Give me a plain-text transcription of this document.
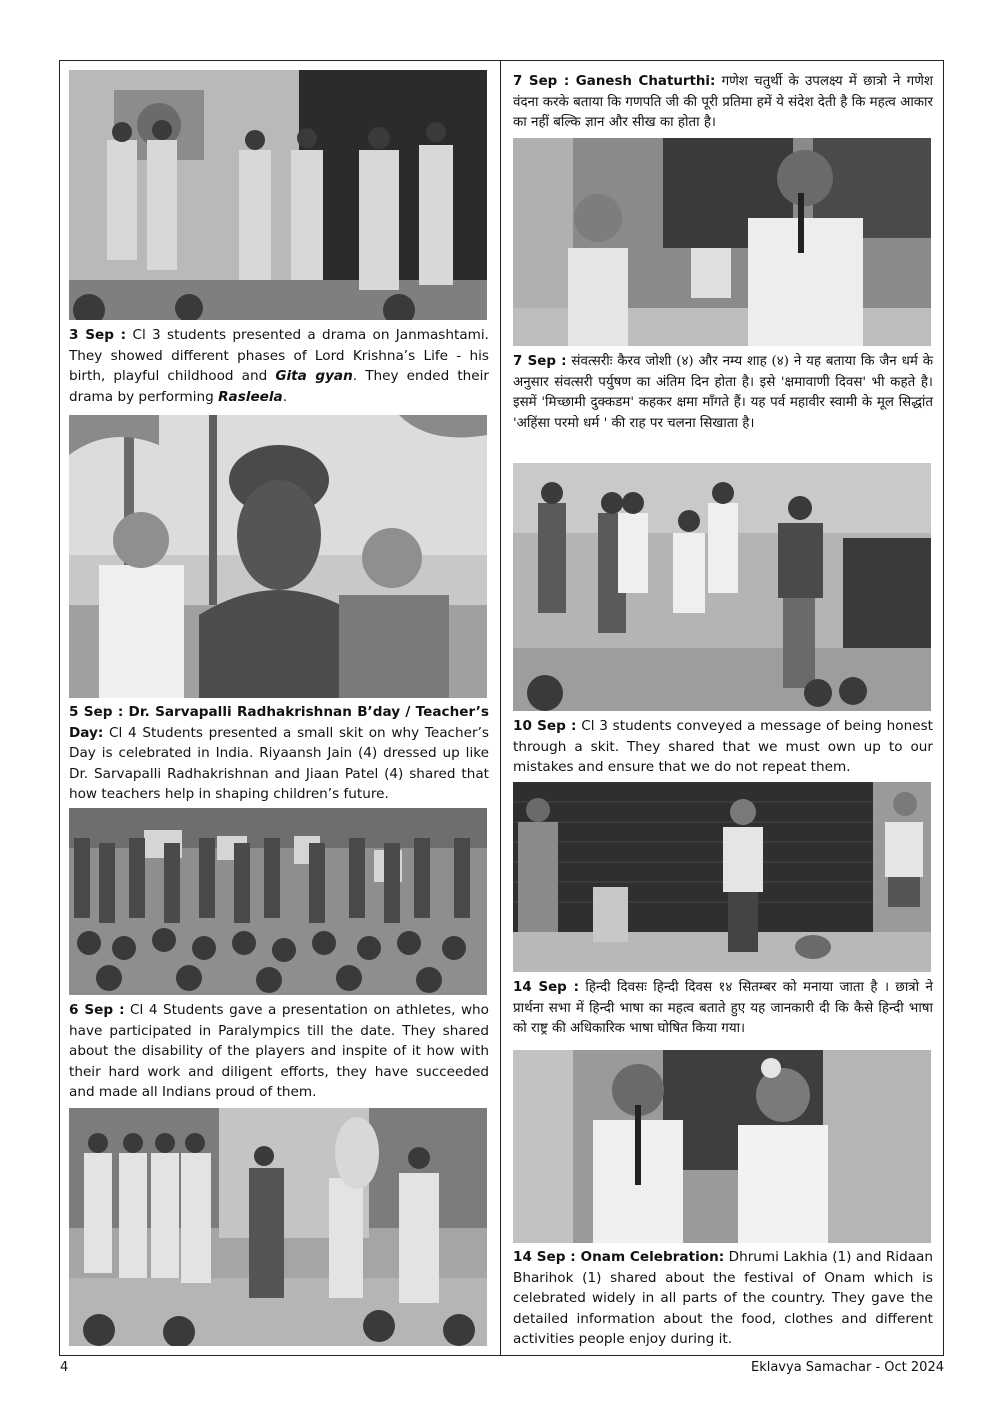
3 Sep : Cl 3 students presented a drama on Janmashtami. They showed different phases of Lord Krishna’s Life - his birth, playful childhood and Gita gyan. They ended their drama by performing Rasleela.
5 Sep : Dr. Sarvapalli Radhakrishnan B’day / Teacher’s Day: Cl 4 Students presented a small skit on why Teacher’s Day is celebrated in India. Riyaansh Jain (4) dressed up like Dr. Sarvapalli Radhakrishnan and Jiaan Patel (4) shared that how teachers help in shaping children’s future.
6 Sep : Cl 4 Students gave a presentation on athletes, who have participated in Paralympics till the date. They shared about the disability of the players and inspite of it how with their hard work and diligent efforts, they have succeeded and made all Indians proud of them.
7 Sep : Ganesh Chaturthi: गणेश चतुर्थी के उपलक्ष्य में छात्रो ने गणेश वंदना करके बताया कि गणपति जी की पूरी प्रतिमा हमें ये संदेश देती है कि महत्व आकार का नहीं बल्कि ज्ञान और सीख का होता है।
7 Sep : संवत्सरीः कैरव जोशी (४) और नम्य शाह (४) ने यह बताया कि जैन धर्म के अनुसार संवत्सरी पर्युषण का अंतिम दिन होता है। इसे 'क्षमावाणी दिवस' भी कहते है। इसमें 'मिच्छामी दुक्कडम' कहकर क्षमा माँगते हैं। यह पर्व महावीर स्वामी के मूल सिद्धांत 'अहिंसा परमो धर्म ' की राह पर चलना सिखाता है।
10 Sep : Cl 3 students conveyed a message of being honest through a skit. They shared that we must own up to our mistakes and ensure that we do not repeat them.
14 Sep : हिन्दी दिवसः हिन्दी दिवस १४ सितम्बर को मनाया जाता है । छात्रो ने प्रार्थना सभा में हिन्दी भाषा का महत्व बताते हुए यह जानकारी दी कि कैसे हिन्दी भाषा को राष्ट्र की अधिकारिक भाषा घोषित किया गया।
14 Sep : Onam Celebration: Dhrumi Lakhia (1) and Ridaan Bharihok (1) shared about the festival of Onam which is celebrated widely in all parts of the country. They gave the detailed information about the food, clothes and different activities people enjoy during it.
4	Eklavya Samachar - Oct 2024
